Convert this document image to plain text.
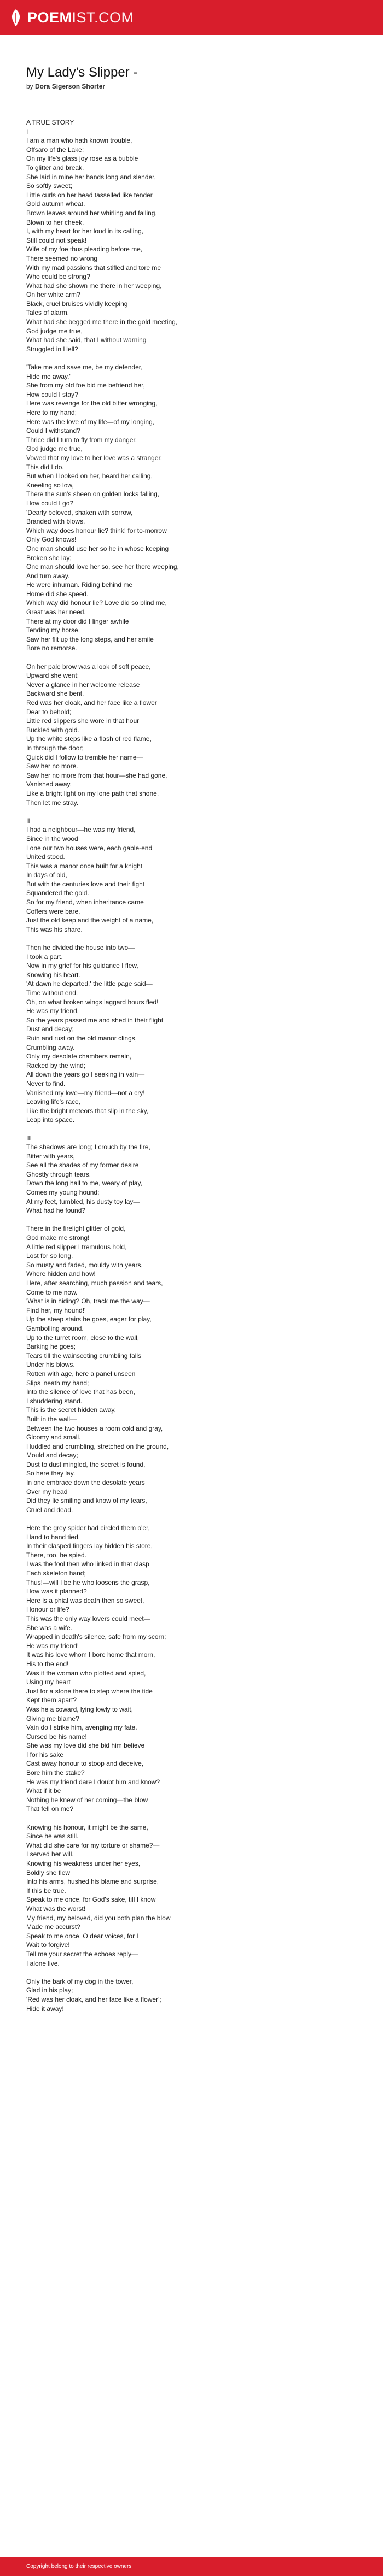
POEMIST.COM
My Lady's Slipper -
by Dora Sigerson Shorter
A TRUE STORY
I
I am a man who hath known trouble,
Offsaro of the Lake:
On my life's glass joy rose as a bubble
To glitter and break.
She laid in mine her hands long and slender,
So softly sweet;
Little curls on her head tasselled like tender
Gold autumn wheat.
Brown leaves around her whirling and falling,
Blown to her cheek,
I, with my heart for her loud in its calling,
Still could not speak!
Wife of my foe thus pleading before me,
There seemed no wrong
With my mad passions that stifled and tore me
Who could be strong?
What had she shown me there in her weeping,
On her white arm?
Black, cruel bruises vividly keeping
Tales of alarm.
What had she begged me there in the gold meeting,
God judge me true,
What had she said, that I without warning
Struggled in Hell?
'Take me and save me, be my defender,
Hide me away.'
She from my old foe bid me befriend her,
How could I stay?
Here was revenge for the old bitter wronging,
Here to my hand;
Here was the love of my life—of my longing,
Could I withstand?
Thrice did I turn to fly from my danger,
God judge me true,
Vowed that my love to her love was a stranger,
This did I do.
But when I looked on her, heard her calling,
Kneeling so low,
There the sun's sheen on golden locks falling,
How could I go?
'Dearly beloved, shaken with sorrow,
Branded with blows,
Which way does honour lie? think! for to-morrow
Only God knows!'
One man should use her so he in whose keeping
Broken she lay;
One man should love her so, see her there weeping,
And turn away.
He were inhuman. Riding behind me
Home did she speed.
Which way did honour lie? Love did so blind me,
Great was her need.
There at my door did I linger awhile
Tending my horse,
Saw her flit up the long steps, and her smile
Bore no remorse.
On her pale brow was a look of soft peace,
Upward she went;
Never a glance in her welcome release
Backward she bent.
Red was her cloak, and her face like a flower
Dear to behold;
Little red slippers she wore in that hour
Buckled with gold.
Up the white steps like a flash of red flame,
In through the door;
Quick did I follow to tremble her name—
Saw her no more.
Saw her no more from that hour—she had gone,
Vanished away,
Like a bright light on my lone path that shone,
Then let me stray.
II
I had a neighbour—he was my friend,
Since in the wood
Lone our two houses were, each gable-end
United stood.
This was a manor once built for a knight
In days of old,
But with the centuries love and their fight
Squandered the gold.
So for my friend, when inheritance came
Coffers were bare,
Just the old keep and the weight of a name,
This was his share.
Then he divided the house into two—
I took a part.
Now in my grief for his guidance I flew,
Knowing his heart.
'At dawn he departed,' the little page said—
Time without end.
Oh, on what broken wings laggard hours fled!
He was my friend.
So the years passed me and shed in their flight
Dust and decay;
Ruin and rust on the old manor clings,
Crumbling away.
Only my desolate chambers remain,
Racked by the wind;
All down the years go I seeking in vain—
Never to find.
Vanished my love—my friend—not a cry!
Leaving life's race,
Like the bright meteors that slip in the sky,
Leap into space.
III
The shadows are long; I crouch by the fire,
Bitter with years,
See all the shades of my former desire
Ghostly through tears.
Down the long hall to me, weary of play,
Comes my young hound;
At my feet, tumbled, his dusty toy lay—
What had he found?
There in the firelight glitter of gold,
God make me strong!
A little red slipper I tremulous hold,
Lost for so long.
So musty and faded, mouldy with years,
Where hidden and how!
Here, after searching, much passion and tears,
Come to me now.
'What is in hiding? Oh, track me the way—
Find her, my hound!'
Up the steep stairs he goes, eager for play,
Gambolling around.
Up to the turret room, close to the wall,
Barking he goes;
Tears till the wainscoting crumbling falls
Under his blows.
Rotten with age, here a panel unseen
Slips 'neath my hand;
Into the silence of love that has been,
I shuddering stand.
This is the secret hidden away,
Built in the wall—
Between the two houses a room cold and gray,
Gloomy and small.
Huddled and crumbling, stretched on the ground,
Mould and decay;
Dust to dust mingled, the secret is found,
So here they lay.
In one embrace down the desolate years
Over my head
Did they lie smiling and know of my tears,
Cruel and dead.
Here the grey spider had circled them o'er,
Hand to hand tied,
In their clasped fingers lay hidden his store,
There, too, he spied.
I was the fool then who linked in that clasp
Each skeleton hand;
Thus!—will I be he who loosens the grasp,
How was it planned?
Here is a phial was death then so sweet,
Honour or life?
This was the only way lovers could meet—
She was a wife.
Wrapped in death's silence, safe from my scorn;
He was my friend!
It was his love whom I bore home that morn,
His to the end!
Was it the woman who plotted and spied,
Using my heart
Just for a stone there to step where the tide
Kept them apart?
Was he a coward, lying lowly to wait,
Giving me blame?
Vain do I strike him, avenging my fate.
Cursed be his name!
She was my love did she bid him believe
I for his sake
Cast away honour to stoop and deceive,
Bore him the stake?
He was my friend dare I doubt him and know?
What if it be
Nothing he knew of her coming—the blow
That fell on me?
Knowing his honour, it might be the same,
Since he was still.
What did she care for my torture or shame?—
I served her will.
Knowing his weakness under her eyes,
Boldly she flew
Into his arms, hushed his blame and surprise,
If this be true.
Speak to me once, for God's sake, till I know
What was the worst!
My friend, my beloved, did you both plan the blow
Made me accurst?
Speak to me once, O dear voices, for I
Wait to forgive!
Tell me your secret the echoes reply—
I alone live.
Only the bark of my dog in the tower,
Glad in his play;
'Red was her cloak, and her face like a flower';
Hide it away!
Copyright belong to their respective owners
